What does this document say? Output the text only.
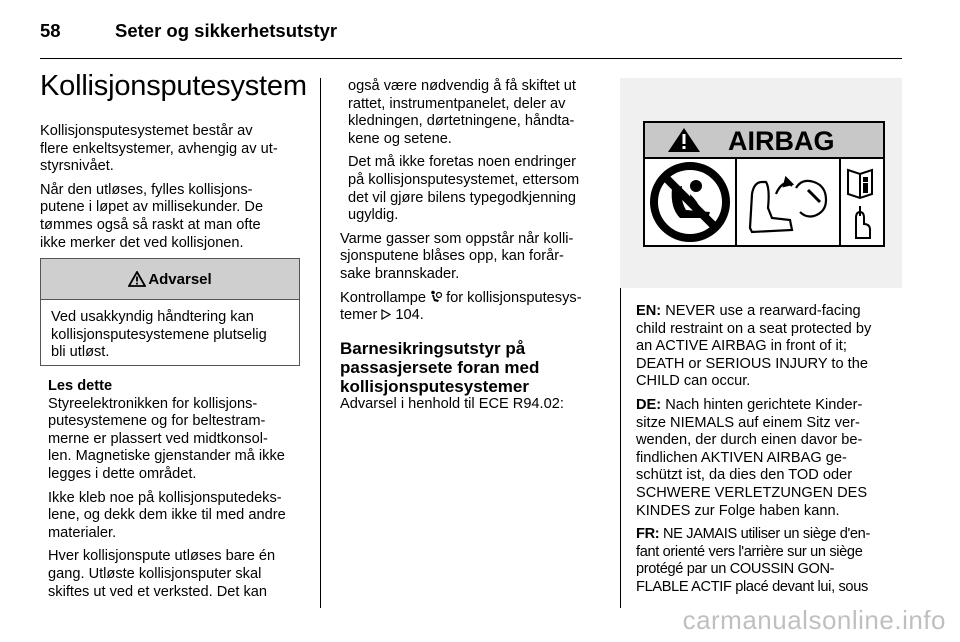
58	Seter og sikkerhetsutstyr
Kollisjonsputesystem

Kollisjonsputesystemet består av
flere enkeltsystemer, avhengig av ut-
styrsnivået.

Når den utløses, fylles kollisjons-
putene i løpet av millisekunder. De
tømmes også så raskt at man ofte
ikke merker det ved kollisjonen.

Advarsel
Ved usakkyndig håndtering kan
kollisjonsputesystemene plutselig
bli utløst.
Les dette

Styreelektronikken for kollisjons-
putesystemene og for beltestram-
merne er plassert ved midtkonsol-
len. Magnetiske gjenstander må ikke
legges i dette området.

Ikke kleb noe på kollisjonsputedeks-
lene, og dekk dem ikke til med andre
materialer.

Hver kollisjonspute utløses bare én
gang. Utløste kollisjonsputer skal
skiftes ut ved et verksted. Det kan

også være nødvendig å få skiftet ut
rattet, instrumentpanelet, deler av
kledningen, dørtetningene, håndta-
kene og setene.

Det må ikke foretas noen endringer
på kollisjonsputesystemet, ettersom
det vil gjøre bilens typegodkjenning
ugyldig.

Varme gasser som oppstår når kolli-
sjonsputene blåses opp, kan forår-
sake brannskader.

Kontrollampe  for kollisjonsputesys-
temer  104.

Barnesikringsutstyr på
passasjersete foran med
kollisjonsputesystemer
Advarsel i henhold til ECE R94.02:
AIRBAG

EN: NEVER use a rearward-facing
child restraint on a seat protected by
an ACTIVE AIRBAG in front of it;
DEATH or SERIOUS INJURY to the
CHILD can occur.

DE: Nach hinten gerichtete Kinder-
sitze NIEMALS auf einem Sitz ver-
wenden, der durch einen davor be-
findlichen AKTIVEN AIRBAG ge-
schützt ist, da dies den TOD oder
SCHWERE VERLETZUNGEN DES
KINDES zur Folge haben kann.

FR: NE JAMAIS utiliser un siège d'en-
fant orienté vers l'arrière sur un siège
protégé par un COUSSIN GON-
FLABLE ACTIF placé devant lui, sous

carmanualsonline.info
